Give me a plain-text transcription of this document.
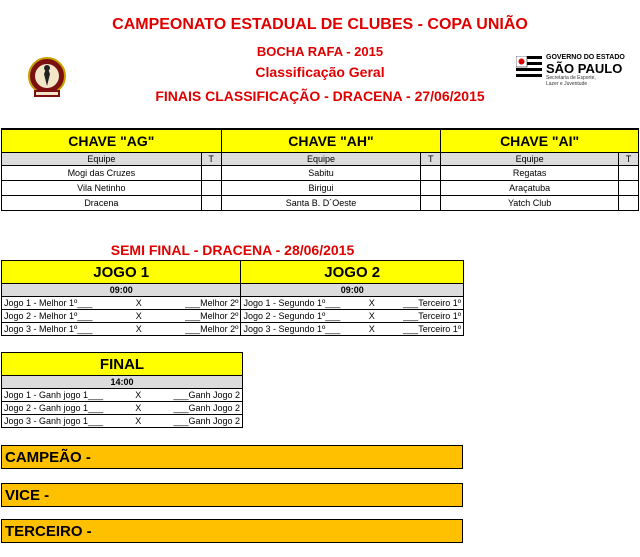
CAMPEONATO ESTADUAL DE CLUBES - COPA UNIÃO
BOCHA RAFA - 2015
Classificação Geral
FINAIS CLASSIFICAÇÃO - DRACENA - 27/06/2015
GOVERNO DO ESTADO
SÃO PAULO
Secretaria de Esporte,
Lazer e Juventude
CHAVE "AG"		CHAVE "AH"		CHAVE "AI"	
Equipe	T	Equipe	T	Equipe	T
Mogi das Cruzes		Sabitu		Regatas	
Vila Netinho		Birigui		Araçatuba	
Dracena		Santa B. D´Oeste		Yatch Club	
SEMI FINAL - DRACENA - 28/06/2015
JOGO 1	JOGO 2
09:00	09:00

Jogo 1 - Melhor 1º___ X ___Melhor 2º	Jogo 1 - Segundo 1º___ X ___Terceiro 1º

Jogo 2 - Melhor 1º___ X ___Melhor 2º	Jogo 2 - Segundo 1º___ X ___Terceiro 1º

Jogo 3 - Melhor 1º___ X ___Melhor 2º	Jogo 3 - Segundo 1º___ X ___Terceiro 1º
FINAL
14:00

Jogo 1 - Ganh jogo 1___	X	___Ganh Jogo 2

Jogo 2 - Ganh jogo 1___	X	___Ganh Jogo 2

Jogo 3 - Ganh jogo 1___	X	___Ganh Jogo 2
CAMPEÃO -
VICE -
TERCEIRO -
